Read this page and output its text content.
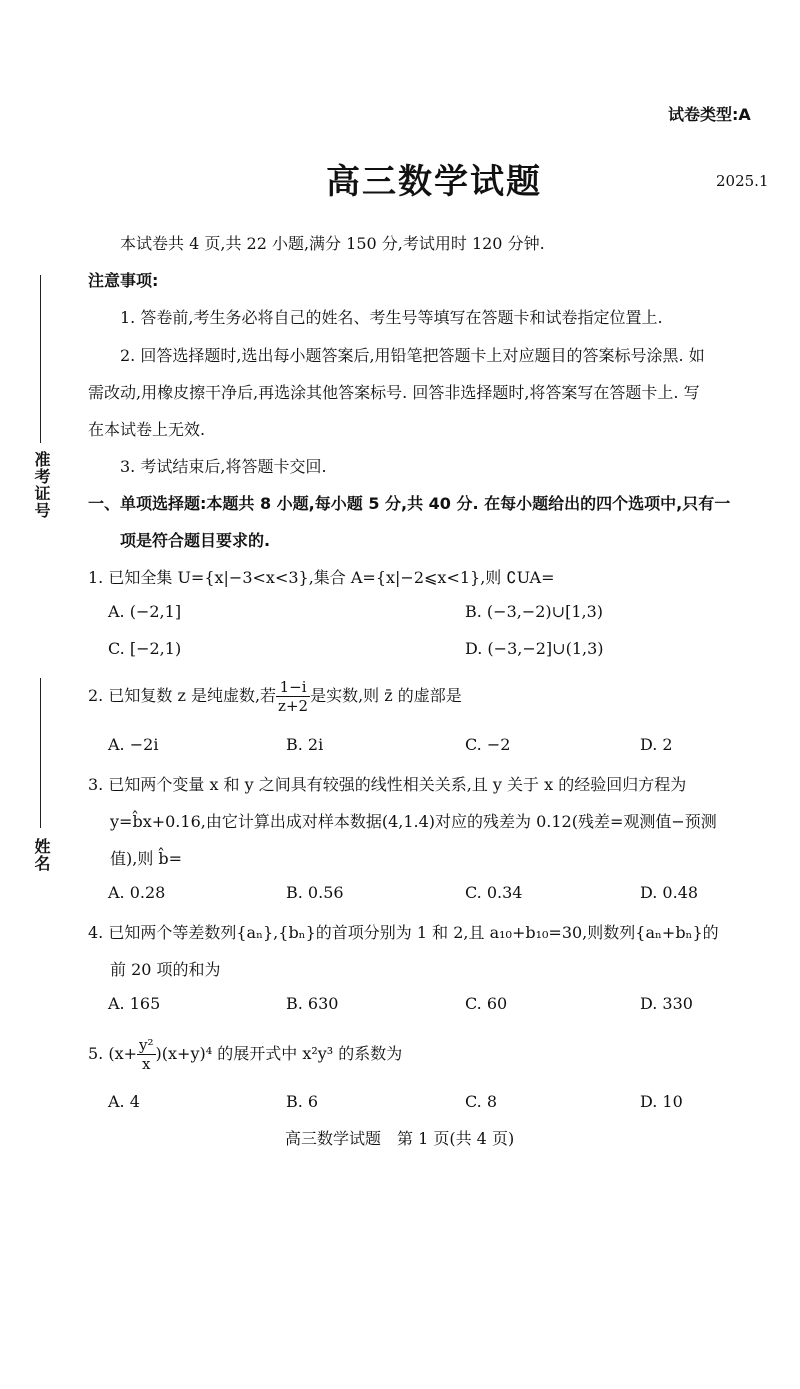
试卷类型:A
高三数学试题	2025.1
准考证号
姓名
本试卷共 4 页,共 22 小题,满分 150 分,考试用时 120 分钟.
注意事项:
1. 答卷前,考生务必将自己的姓名、考生号等填写在答题卡和试卷指定位置上.
2. 回答选择题时,选出每小题答案后,用铅笔把答题卡上对应题目的答案标号涂黑. 如
需改动,用橡皮擦干净后,再选涂其他答案标号. 回答非选择题时,将答案写在答题卡上. 写
在本试卷上无效.
3. 考试结束后,将答题卡交回.
一、单项选择题:本题共 8 小题,每小题 5 分,共 40 分. 在每小题给出的四个选项中,只有一
项是符合题目要求的.
1. 已知全集 U={x|−3<x<3},集合 A={x|−2⩽x<1},则 ∁UA=
A. (−2,1]	B. (−3,−2)∪[1,3)
C. [−2,1)	D. (−3,−2]∪(1,3)
2. 已知复数 z 是纯虚数,若 $\frac{1-i}{z+2}$ 是实数,则 z̄ 的虚部是
A. −2i	B. 2i	C. −2	D. 2
3. 已知两个变量 x 和 y 之间具有较强的线性相关关系,且 y 关于 x 的经验回归方程为
y=b̂x+0.16,由它计算出成对样本数据(4,1.4)对应的残差为 0.12(残差=观测值−预测
值),则 b̂=
A. 0.28	B. 0.56	C. 0.34	D. 0.48
4. 已知两个等差数列{aₙ},{bₙ}的首项分别为 1 和 2,且 a₁₀+b₁₀=30,则数列{aₙ+bₙ}的
前 20 项的和为
A. 165	B. 630	C. 60	D. 330
5. $(x+ \frac{\text{y²}}{x} )(x+y)^4$ 的展开式中 x²y³ 的系数为
A. 4	B. 6	C. 8	D. 10
高三数学试题　第 1 页(共 4 页)
